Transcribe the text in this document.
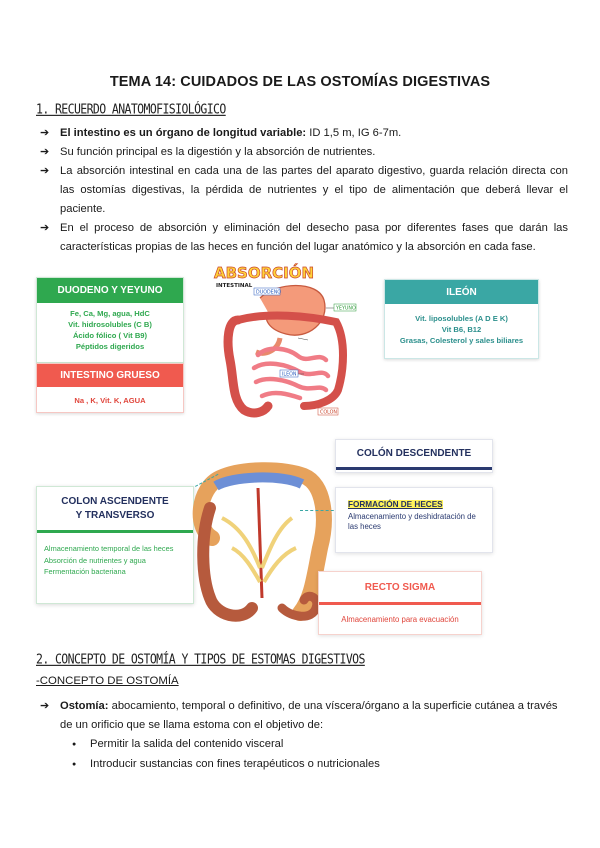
TEMA 14: CUIDADOS DE LAS OSTOMÍAS DIGESTIVAS
1. RECUERDO ANATOMOFISIOLÓGICO
➔ El intestino es un órgano de longitud variable: ID 1,5 m, IG 6-7m.
➔ Su función principal es la digestión y la absorción de nutrientes.
➔ La absorción intestinal en cada una de las partes del aparato digestivo, guarda relación directa con las ostomías digestivas, la pérdida de nutrientes y el tipo de alimentación que deberá llevar el paciente.
➔ En el proceso de absorción y eliminación del desecho pasa por diferentes fases que darán las características propias de las heces en función del lugar anatómico y la absorción en cada fase.
DUODENO Y YEYUNO
Fe, Ca, Mg, agua, HdC
Vit. hidrosolubles (C B)
Ácido fólico ( Vit B9)
Péptidos digeridos
INTESTINO GRUESO
Na , K, Vit. K, AGUA
ILEÓN
Vit. liposolubles (A D E K)
Vit B6, B12
Grasas, Colesterol y sales biliares
ABSORCIÓN
INTESTINAL
DUODENO
YEYUNO
ILEON
COLON
COLON ASCENDENTE
Y TRANSVERSO
Almacenamiento temporal de las heces
Absorción de nutrientes y agua
Fermentación bacteriana
COLÓN DESCENDENTE
FORMACIÓN DE HECES
Almacenamiento y deshidratación de las heces
RECTO SIGMA
Almacenamiento para evacuación
2. CONCEPTO DE OSTOMÍA Y TIPOS DE ESTOMAS DIGESTIVOS
-CONCEPTO DE OSTOMÍA
➔ Ostomía: abocamiento, temporal o definitivo, de una víscera/órgano a la superficie cutánea a través de un orificio que se llama estoma con el objetivo de:

● Permitir la salida del contenido visceral
● Introducir sustancias con fines terapéuticos o nutricionales
